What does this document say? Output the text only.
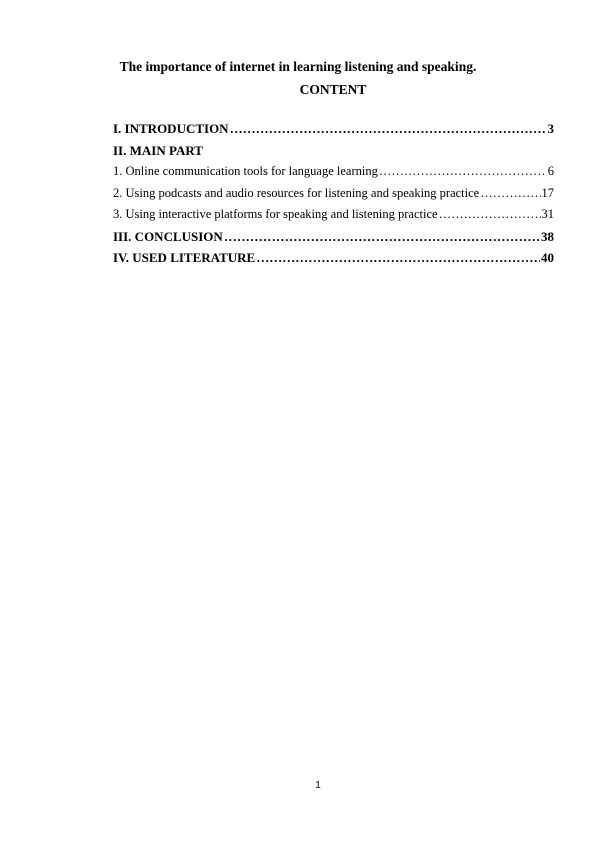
The importance of internet in learning listening and speaking.
CONTENT
I. INTRODUCTION ……………………………………………………………………………………………………………………………………………………………	3
II. MAIN PART
1. Online communication tools for language learning ……………………………………………………………………………………………………………………………………………………………	6
2. Using podcasts and audio resources for listening and speaking practice ……………………………………………………………………………………………………………………………………………………………	17
3. Using interactive platforms for speaking and listening practice ……………………………………………………………………………………………………………………………………………………………	31
III. CONCLUSION ……………………………………………………………………………………………………………………………………………………………	38
IV. USED LITERATURE ……………………………………………………………………………………………………………………………………………………………	40
1
